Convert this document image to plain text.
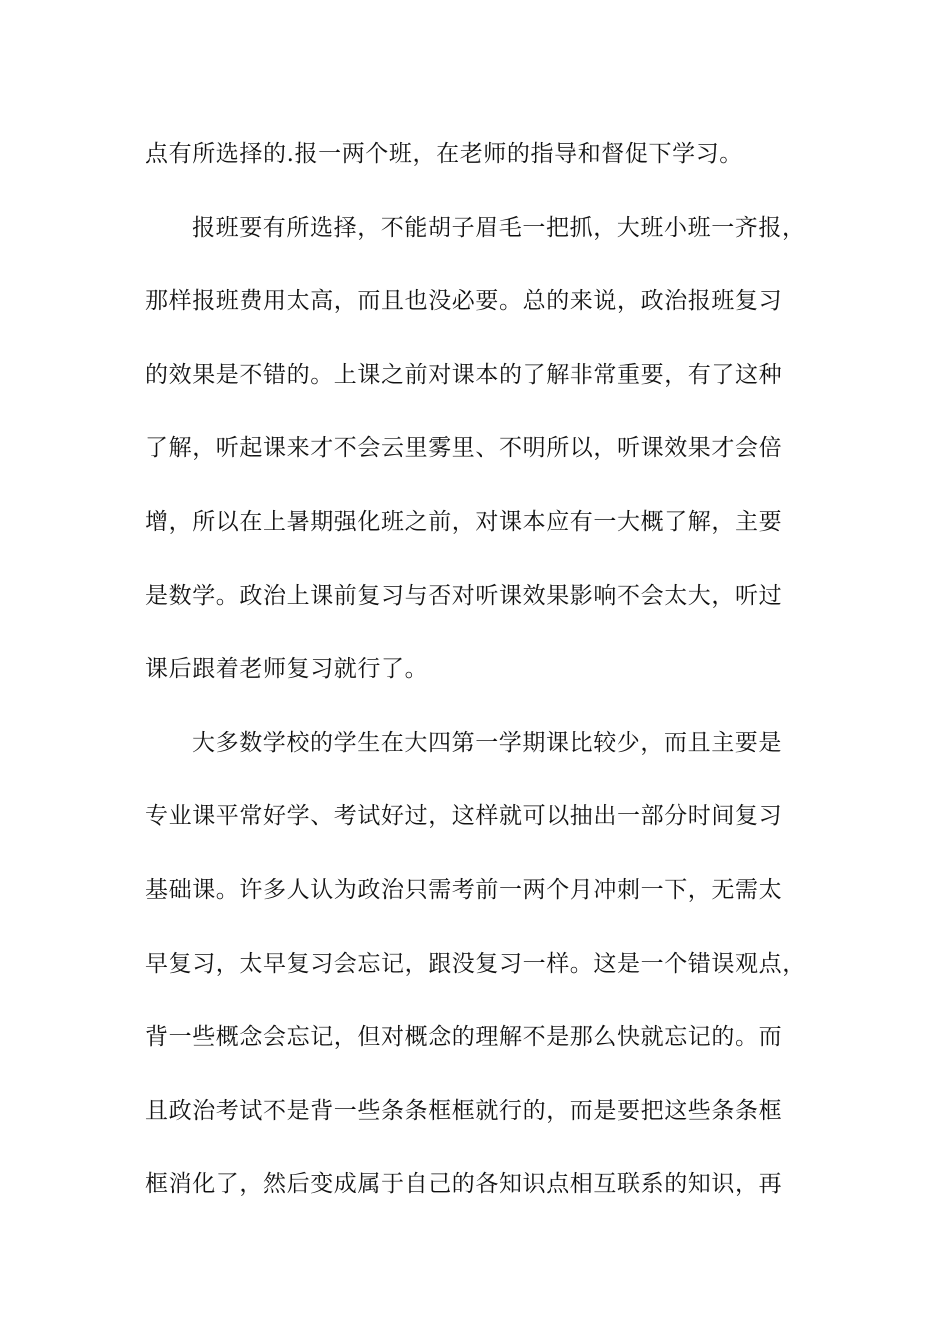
点有所选择的.报一两个班，在老师的指导和督促下学习。
报班要有所选择，不能胡子眉毛一把抓，大班小班一齐报，
那样报班费用太高，而且也没必要。总的来说，政治报班复习
的效果是不错的。上课之前对课本的了解非常重要，有了这种
了解，听起课来才不会云里雾里、不明所以，听课效果才会倍
增，所以在上暑期强化班之前，对课本应有一大概了解，主要
是数学。政治上课前复习与否对听课效果影响不会太大，听过
课后跟着老师复习就行了。
大多数学校的学生在大四第一学期课比较少，而且主要是
专业课平常好学、考试好过，这样就可以抽出一部分时间复习
基础课。许多人认为政治只需考前一两个月冲刺一下，无需太
早复习，太早复习会忘记，跟没复习一样。这是一个错误观点，
背一些概念会忘记，但对概念的理解不是那么快就忘记的。而
且政治考试不是背一些条条框框就行的，而是要把这些条条框
框消化了，然后变成属于自己的各知识点相互联系的知识，再
